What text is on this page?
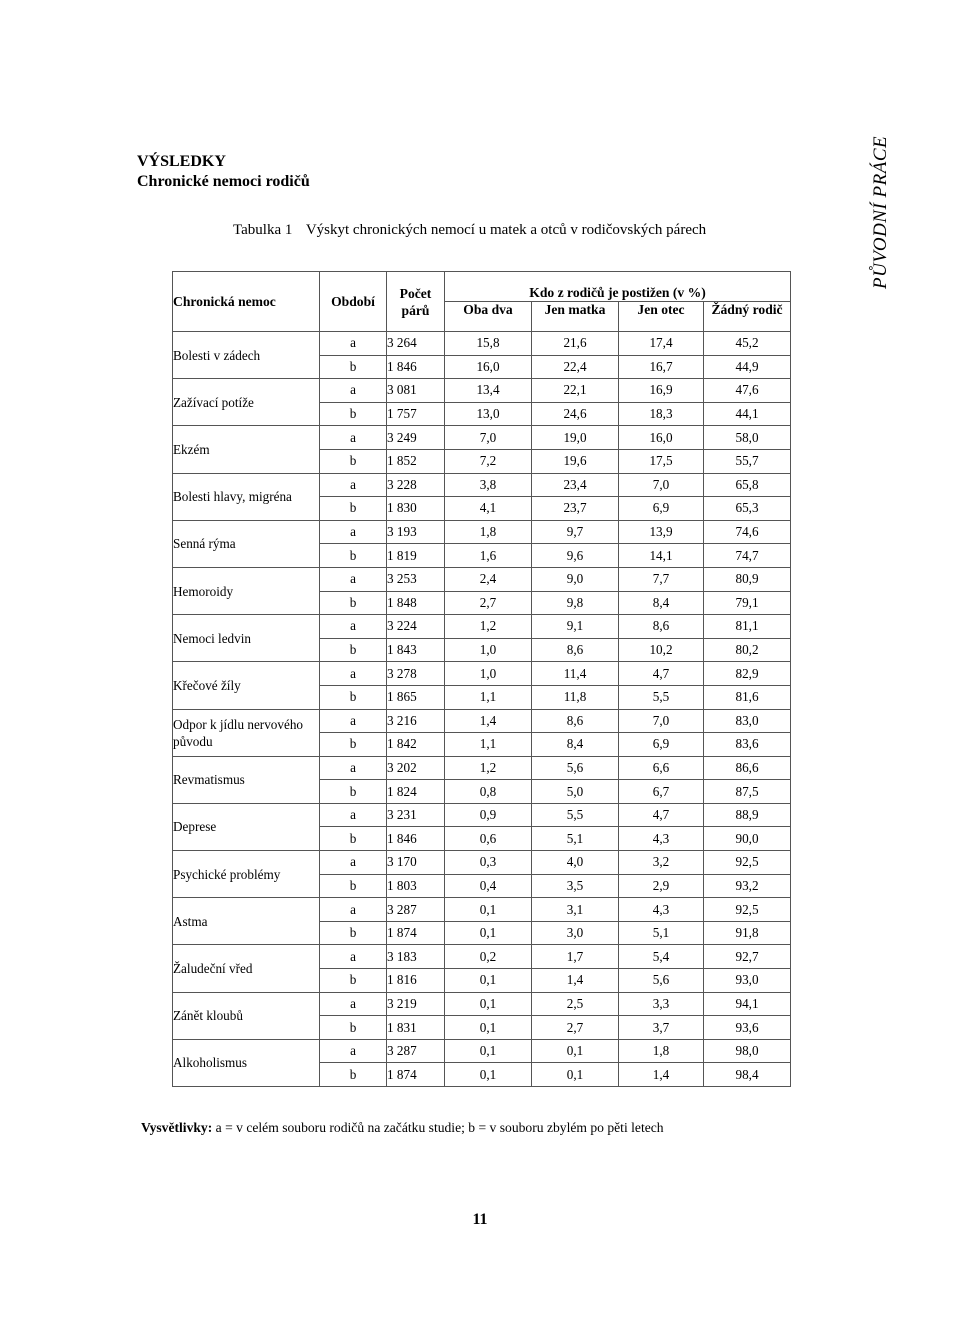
VÝSLEDKY
Chronické nemoci rodičů	PŮVODNÍ PRÁCE
Tabulka 1 Výskyt chronických nemocí u matek a otců v rodičovských párech
Chronická nemoc	Období	Počet párů	Kdo z rodičů je postižen (v %)			
			Oba dva	Jen matka	Jen otec	Žádný rodič
Bolesti v zádech	a	3 264	15,8	21,6	17,4	45,2
	b	1 846	16,0	22,4	16,7	44,9
Zažívací potíže	a	3 081	13,4	22,1	16,9	47,6
	b	1 757	13,0	24,6	18,3	44,1
Ekzém	a	3 249	7,0	19,0	16,0	58,0
	b	1 852	7,2	19,6	17,5	55,7
Bolesti hlavy, migréna	a	3 228	3,8	23,4	7,0	65,8
	b	1 830	4,1	23,7	6,9	65,3
Senná rýma	a	3 193	1,8	9,7	13,9	74,6
	b	1 819	1,6	9,6	14,1	74,7
Hemoroidy	a	3 253	2,4	9,0	7,7	80,9
	b	1 848	2,7	9,8	8,4	79,1
Nemoci ledvin	a	3 224	1,2	9,1	8,6	81,1
	b	1 843	1,0	8,6	10,2	80,2
Křečové žíly	a	3 278	1,0	11,4	4,7	82,9
	b	1 865	1,1	11,8	5,5	81,6
Odpor k jídlu nervového původu	a	3 216	1,4	8,6	7,0	83,0
	b	1 842	1,1	8,4	6,9	83,6
Revmatismus	a	3 202	1,2	5,6	6,6	86,6
	b	1 824	0,8	5,0	6,7	87,5
Deprese	a	3 231	0,9	5,5	4,7	88,9
	b	1 846	0,6	5,1	4,3	90,0
Psychické problémy	a	3 170	0,3	4,0	3,2	92,5
	b	1 803	0,4	3,5	2,9	93,2
Astma	a	3 287	0,1	3,1	4,3	92,5
	b	1 874	0,1	3,0	5,1	91,8
Žaludeční vřed	a	3 183	0,2	1,7	5,4	92,7
	b	1 816	0,1	1,4	5,6	93,0
Zánět kloubů	a	3 219	0,1	2,5	3,3	94,1
	b	1 831	0,1	2,7	3,7	93,6
Alkoholismus	a	3 287	0,1	0,1	1,8	98,0
	b	1 874	0,1	0,1	1,4	98,4
Vysvětlivky: a = v celém souboru rodičů na začátku studie; b = v souboru zbylém po pěti letech
11
